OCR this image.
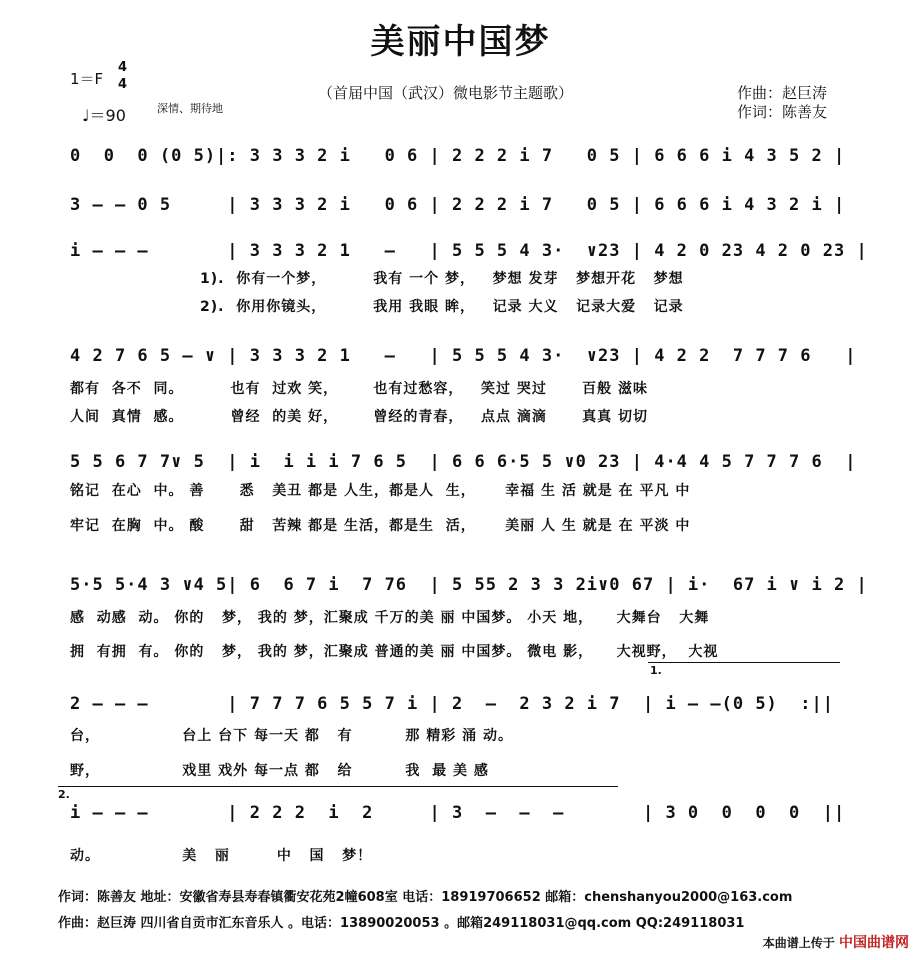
美丽中国梦
1＝F
4
4
♩＝90	深情、期待地
（首届中国（武汉）微电影节主题歌）	作曲：赵巨涛
作词：陈善友
0  0  0 (0 5)|: 3 3 3 2 i   0 6 | 2 2 2 i 7   0 5 | 6 6 6 i 4 3 5 2 |
3 – – 0 5     | 3 3 3 2 i   0 6 | 2 2 2 i 7   0 5 | 6 6 6 i 4 3 2 i |
i – – –       | 3 3 3 2 1   –   | 5 5 5 4 3·  ∨23 | 4 2 0 23 4 2 0 23 |
1).  你有一个梦，        我有 一个 梦，   梦想 发芽   梦想开花   梦想
2).  你用你镜头，        我用 我眼 眸，   记录 大义   记录大爱   记录
4 2 7 6 5 – ∨ | 3 3 3 2 1   –   | 5 5 5 4 3·  ∨23 | 4 2 2  7 7 7 6   |
都有  各不  同。        也有  过欢 笑，      也有过愁容，   笑过 哭过      百般 滋味
人间  真情  感。        曾经  的美 好，      曾经的青春，   点点 滴滴      真真 切切
5 5 6 7 7∨ 5  | i  i i i 7 6 5  | 6 6 6·5 5 ∨0 23 | 4·4 4 5 7 7 7 6  |
铭记  在心  中。 善      悉   美丑 都是 人生，都是人  生，     幸福 生 活 就是 在 平凡 中
牢记  在胸  中。 酸      甜   苦辣 都是 生活，都是生  活，     美丽 人 生 就是 在 平淡 中
5·5 5·4 3 ∨4 5| 6  6 7 i  7 76  | 5 55 2 3 3 2i∨0 67 | i·  67 i ∨ i 2 |
感  动感  动。 你的   梦， 我的 梦，汇聚成 千万的美 丽 中国梦。 小天 地，    大舞台   大舞
拥  有拥  有。 你的   梦， 我的 梦，汇聚成 普通的美 丽 中国梦。 微电 影，    大视野，  大视
1.
2 – – –       | 7 7 7 6 5 5 7 i | 2  –  2 3 2 i 7  | i – –(0 5)  :||
台，              台上 台下 每一天 都   有         那 精彩 涌 动。
野，              戏里 戏外 每一点 都   给         我  最 美 感
2.
i – – –       | 2 2 2  i  2     | 3  –  –  –       | 3 0  0  0  0  ||
动。              美   丽        中   国   梦！
作词：陈善友 地址：安徽省寿县寿春镇衢安花苑2幢608室 电话：18919706652 邮箱：chenshanyou2000@163.com
作曲：赵巨涛 四川省自贡市汇东音乐人 。电话：13890020053 。邮箱249118031@qq.com QQ:249118031
本曲谱上传于 中国曲谱网
